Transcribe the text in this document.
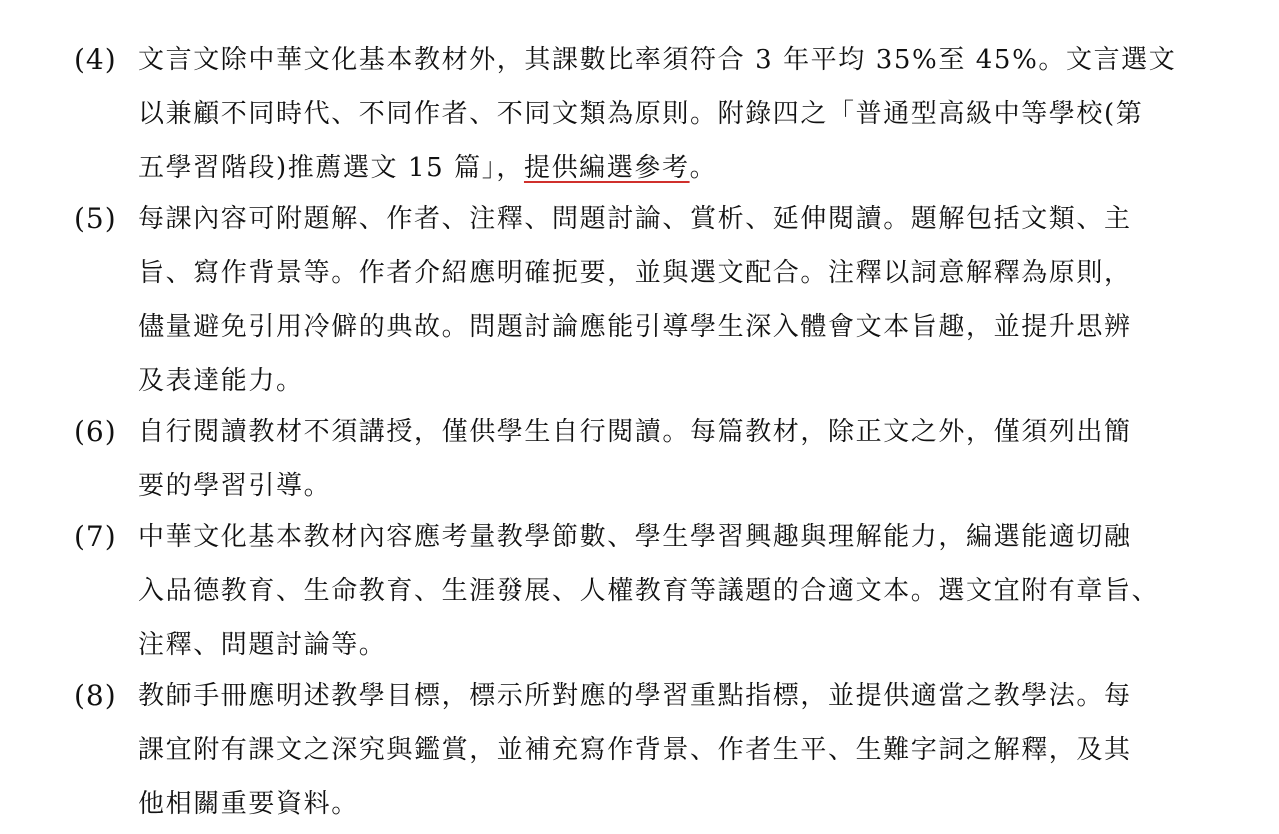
(4) 文言文除中華文化基本教材外，其課數比率須符合 3 年平均 35%至 45%。文言選文
以兼顧不同時代、不同作者、不同文類為原則。附錄四之「普通型高級中等學校(第
五學習階段)推薦選文 15 篇」，提供編選參考。
(5) 每課內容可附題解、作者、注釋、問題討論、賞析、延伸閱讀。題解包括文類、主
旨、寫作背景等。作者介紹應明確扼要，並與選文配合。注釋以詞意解釋為原則，
儘量避免引用冷僻的典故。問題討論應能引導學生深入體會文本旨趣，並提升思辨
及表達能力。
(6) 自行閱讀教材不須講授，僅供學生自行閱讀。每篇教材，除正文之外，僅須列出簡
要的學習引導。
(7) 中華文化基本教材內容應考量教學節數、學生學習興趣與理解能力，編選能適切融
入品德教育、生命教育、生涯發展、人權教育等議題的合適文本。選文宜附有章旨、
注釋、問題討論等。
(8) 教師手冊應明述教學目標，標示所對應的學習重點指標，並提供適當之教學法。每
課宜附有課文之深究與鑑賞，並補充寫作背景、作者生平、生難字詞之解釋，及其
他相關重要資料。
